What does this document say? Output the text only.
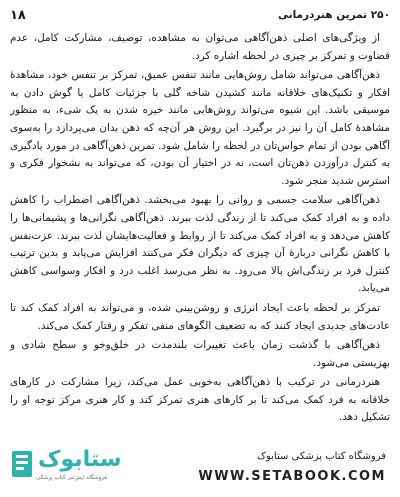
۱۸	۲۵۰ تمرین هنردرمانی

از ویژگی‌های اصلی ذهن‌آگاهی می‌توان به مشاهده، توصیف، مشارکت کامل، عدم قضاوت و تمرکز بر چیزی در لحظه اشاره کرد.

ذهن‌آگاهی می‌تواند شامل روش‌هایی مانند تنفس عمیق، تمرکز بر تنفس خود، مشاهدهٔ افکار و تکنیک‌های خلاقانه مانند کشیدن شاخه گلی با جزئیات کامل یا گوش دادن به موسیقی باشد. این شیوه می‌تواند روش‌هایی مانند خیره شدن به یک شیء، به منظور مشاهدهٔ کامل آن را نیز در برگیرد. این روش هر آن‌چه که ذهن بدان می‌پردازد را به‌سوی آگاهی بودن از تمام حواس‌تان در لحظه را شامل شود. تمرین ذهن‌آگاهی در مورد یادگیری به کنترل درآوردن ذهن‌تان است، نه در اختیار آن بودن، که می‌تواند به نشخوار فکری و استرس شدید منجر شود.

ذهن‌آگاهی سلامت جسمی و روانی را بهبود می‌بخشد. ذهن‌آگاهی اضطراب را کاهش داده و به افراد کمک می‌کند تا از زندگی لذت ببرند. ذهن‌آگاهی نگرانی‌ها و پشیمانی‌ها را کاهش می‌دهد و به افراد کمک می‌کند تا از روابط و فعالیت‌هایشان لذت ببرند. عزت‌نفس با کاهش نگرانی دربارهٔ آن چیزی که دیگران فکر می‌کنند افزایش می‌یابد و بدین ترتیب کنترل فرد بر زندگی‌اش بالا می‌رود. به نظر می‌رسد اغلب درد و افکار وسواسی کاهش می‌یابد.

تمرکز بر لحظه باعث ایجاد انرژی و روشن‌بینی شده، و می‌تواند به افراد کمک کند تا عادت‌های جدیدی ایجاد کنند که به تضعیف الگوهای منفی تفکر و رفتار کمک می‌کند.

ذهن‌آگاهی با گذشت زمان باعث تغییرات بلندمدت در خلق‌وخو و سطح شادی و بهزیستی می‌شود.

هنردرمانی در ترکیب با ذهن‌آگاهی به‌خوبی عمل می‌کند، زیرا مشارکت در کارهای خلاقانه به فرد کمک می‌کند تا بر کارهای هنری تمرکز کند و کار هنری مرکز توجه او را تشکیل دهد.

ستابوک
فروشگاه اینترنتی کتاب پزشکی
فروشگاه کتاب پزشکی ستابوک
WWW.SETABOOK.COM
